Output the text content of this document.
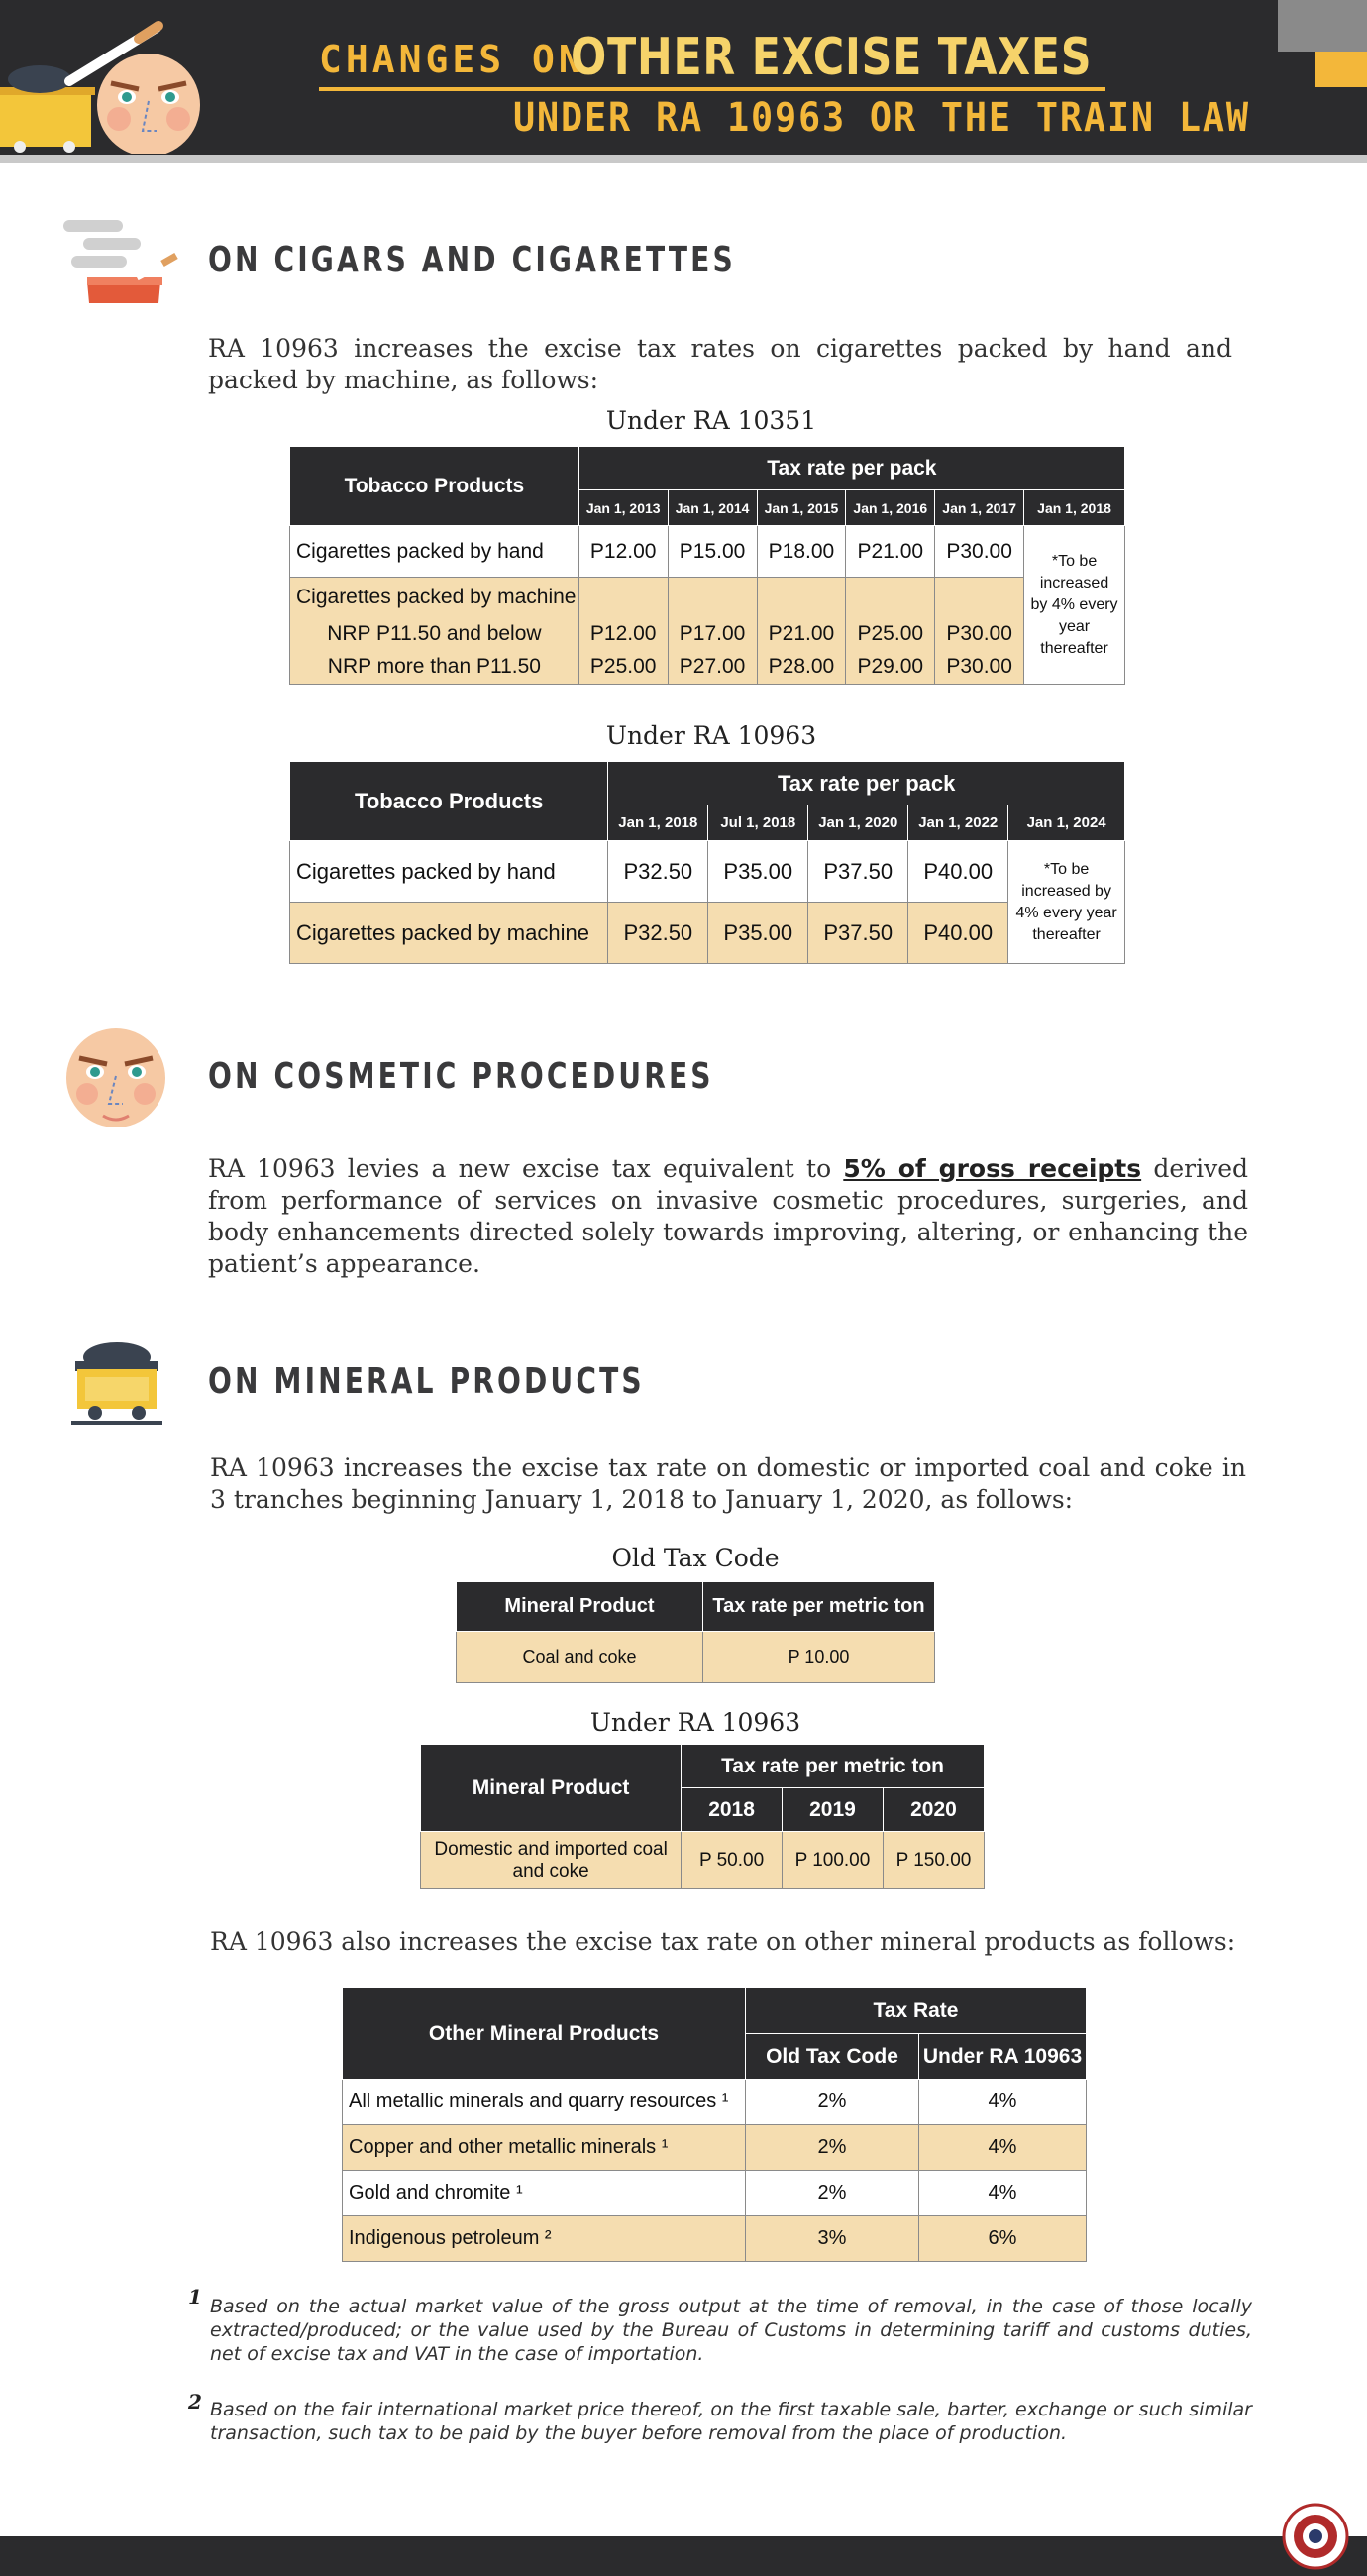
CHANGES ON
OTHER EXCISE TAXES
UNDER RA 10963 OR THE TRAIN LAW
ON CIGARS AND CIGARETTES
RA 10963 increases the excise tax rates on cigarettes packed by hand and packed by machine, as follows:
Under RA 10351
Tobacco Products	Tax rate per pack					
	Jan 1, 2013	Jan 1, 2014	Jan 1, 2015	Jan 1, 2016	Jan 1, 2017	Jan 1, 2018
Cigarettes packed by hand	P12.00	P15.00	P18.00	P21.00	P30.00	*To be increased by 4% every year thereafter
Cigarettes packed by machine						
NRP P11.50 and below	P12.00	P17.00	P21.00	P25.00	P30.00	
NRP more than P11.50	P25.00	P27.00	P28.00	P29.00	P30.00	
Under RA 10963
Tobacco Products	Tax rate per pack				
	Jan 1, 2018	Jul 1, 2018	Jan 1, 2020	Jan 1, 2022	Jan 1, 2024
Cigarettes packed by hand	P32.50	P35.00	P37.50	P40.00	*To be increased by 4% every year thereafter
Cigarettes packed by machine	P32.50	P35.00	P37.50	P40.00	
ON COSMETIC PROCEDURES
RA 10963 levies a new excise tax equivalent to 5% of gross receipts derived from performance of services on invasive cosmetic procedures, surgeries, and body enhancements directed solely towards improving, altering, or enhancing the patient’s appearance.
ON MINERAL PRODUCTS
RA 10963 increases the excise tax rate on domestic or imported coal and coke in 3 tranches beginning January 1, 2018 to January 1, 2020, as follows:
Old Tax Code
Mineral Product	Tax rate per metric ton
Coal and coke	P 10.00
Under RA 10963
Mineral Product	Tax rate per metric ton		
	2018	2019	2020
Domestic and imported coal and coke	P 50.00	P 100.00	P 150.00
RA 10963 also increases the excise tax rate on other mineral products as follows:
Other Mineral Products	Tax Rate	
	Old Tax Code	Under RA 10963
All metallic minerals and quarry resources ¹	2%	4%
Copper and other metallic minerals ¹	2%	4%
Gold and chromite ¹	2%	4%
Indigenous petroleum ²	3%	6%
1 Based on the actual market value of the gross output at the time of removal, in the case of those locally extracted/produced; or the value used by the Bureau of Customs in determining tariff and customs duties, net of excise tax and VAT in the case of importation.
2 Based on the fair international market price thereof, on the first taxable sale, barter, exchange or such similar transaction, such tax to be paid by the buyer before removal from the place of production.
